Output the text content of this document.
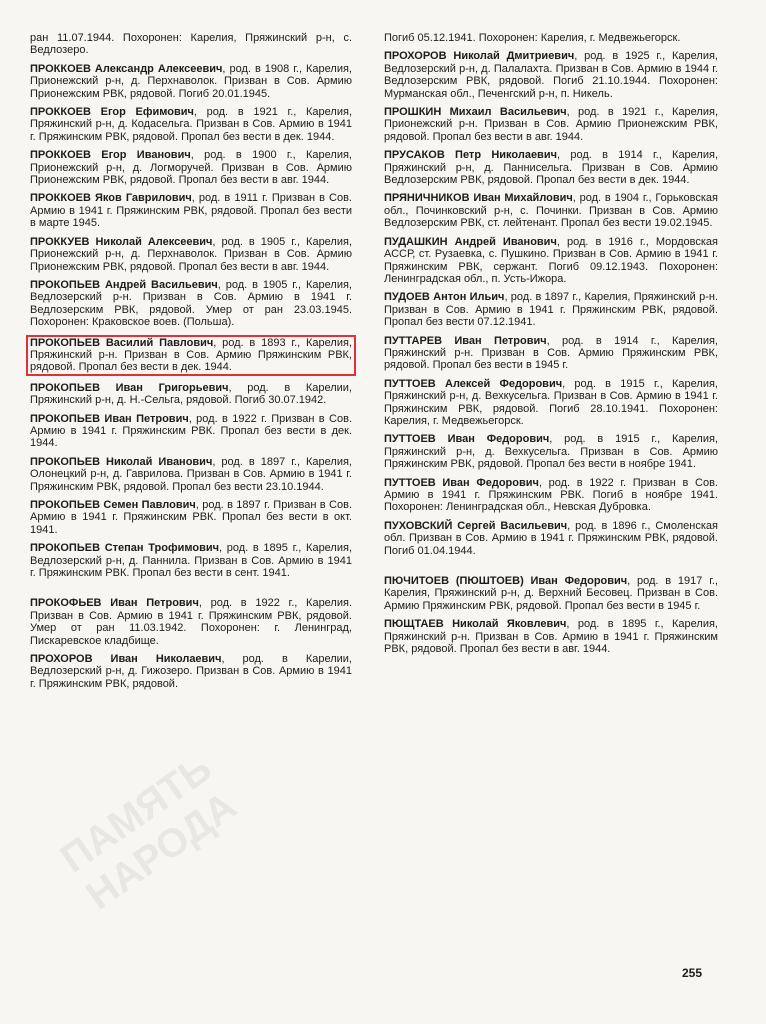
ран 11.07.1944. Похоронен: Карелия, Пряжинский р-н, с. Ведлозеро.

ПРОККОЕВ Александр Алексеевич, род. в 1908 г., Карелия, Прионежский р-н, д. Перхнаволок. Призван в Сов. Армию Прионежским РВК, рядовой. Погиб 20.01.1945.

ПРОККОЕВ Егор Ефимович, род. в 1921 г., Карелия, Пряжинский р-н, д. Кодасельга. Призван в Сов. Армию в 1941 г. Пряжинским РВК, рядовой. Пропал без вести в дек. 1944.

ПРОККОЕВ Егор Иванович, род. в 1900 г., Карелия, Прионежский р-н, д. Логморучей. Призван в Сов. Армию Прионежским РВК, рядовой. Пропал без вести в авг. 1944.

ПРОККОЕВ Яков Гаврилович, род. в 1911 г. Призван в Сов. Армию в 1941 г. Пряжинским РВК, рядовой. Пропал без вести в марте 1945.

ПРОККУЕВ Николай Алексеевич, род. в 1905 г., Карелия, Прионежский р-н, д. Перхнаволок. Призван в Сов. Армию Прионежским РВК, рядовой. Пропал без вести в авг. 1944.

ПРОКОПЬЕВ Андрей Васильевич, род. в 1905 г., Карелия, Ведлозерский р-н. Призван в Сов. Армию в 1941 г. Ведлозерским РВК, рядовой. Умер от ран 23.03.1945. Похоронен: Краковское воев. (Польша).

ПРОКОПЬЕВ Василий Павлович, род. в 1893 г., Карелия, Пряжинский р-н. Призван в Сов. Армию Пряжинским РВК, рядовой. Пропал без вести в дек. 1944.

ПРОКОПЬЕВ Иван Григорьевич, род. в Карелии, Пряжинский р-н, д. Н.-Сельга, рядовой. Погиб 30.07.1942.

ПРОКОПЬЕВ Иван Петрович, род. в 1922 г. Призван в Сов. Армию в 1941 г. Пряжинским РВК. Пропал без вести в дек. 1944.

ПРОКОПЬЕВ Николай Иванович, род. в 1897 г., Карелия, Олонецкий р-н, д. Гаврилова. Призван в Сов. Армию в 1941 г. Пряжинским РВК, рядовой. Пропал без вести 23.10.1944.

ПРОКОПЬЕВ Семен Павлович, род. в 1897 г. Призван в Сов. Армию в 1941 г. Пряжинским РВК. Пропал без вести в окт. 1941.

ПРОКОПЬЕВ Степан Трофимович, род. в 1895 г., Карелия, Ведлозерский р-н, д. Паннила. Призван в Сов. Армию в 1941 г. Пряжинским РВК. Пропал без вести в сент. 1941.

ПРОКОФЬЕВ Иван Петрович, род. в 1922 г., Карелия. Призван в Сов. Армию в 1941 г. Пряжинским РВК, рядовой. Умер от ран 11.03.1942. Похоронен: г. Ленинград, Пискаревское кладбище.

ПРОХОРОВ Иван Николаевич, род. в Карелии, Ведлозерский р-н, д. Гижозеро. Призван в Сов. Армию в 1941 г. Пряжинским РВК, рядовой.

Погиб 05.12.1941. Похоронен: Карелия, г. Медвежьегорск.

ПРОХОРОВ Николай Дмитриевич, род. в 1925 г., Карелия, Ведлозерский р-н, д. Палалахта. Призван в Сов. Армию в 1944 г. Ведлозерским РВК, рядовой. Погиб 21.10.1944. Похоронен: Мурманская обл., Печенгский р-н, п. Никель.

ПРОШКИН Михаил Васильевич, род. в 1921 г., Карелия, Прионежский р-н. Призван в Сов. Армию Прионежским РВК, рядовой. Пропал без вести в авг. 1944.

ПРУСАКОВ Петр Николаевич, род. в 1914 г., Карелия, Пряжинский р-н, д. Паннисельга. Призван в Сов. Армию Ведлозерским РВК, рядовой. Пропал без вести в дек. 1944.

ПРЯНИЧНИКОВ Иван Михайлович, род. в 1904 г., Горьковская обл., Починковский р-н, с. Починки. Призван в Сов. Армию Ведлозерским РВК, ст. лейтенант. Пропал без вести 19.02.1945.

ПУДАШКИН Андрей Иванович, род. в 1916 г., Мордовская АССР, ст. Рузаевка, с. Пушкино. Призван в Сов. Армию в 1941 г. Пряжинским РВК, сержант. Погиб 09.12.1943. Похоронен: Ленинградская обл., п. Усть-Ижора.

ПУДОЕВ Антон Ильич, род. в 1897 г., Карелия, Пряжинский р-н. Призван в Сов. Армию в 1941 г. Пряжинским РВК, рядовой. Пропал без вести 07.12.1941.

ПУТТАРЕВ Иван Петрович, род. в 1914 г., Карелия, Пряжинский р-н. Призван в Сов. Армию Пряжинским РВК, рядовой. Пропал без вести в 1945 г.

ПУТТОЕВ Алексей Федорович, род. в 1915 г., Карелия, Пряжинский р-н, д. Вехкусельга. Призван в Сов. Армию в 1941 г. Пряжинским РВК, рядовой. Погиб 28.10.1941. Похоронен: Карелия, г. Медвежьегорск.

ПУТТОЕВ Иван Федорович, род. в 1915 г., Карелия, Пряжинский р-н, д. Вехкусельга. Призван в Сов. Армию Пряжинским РВК, рядовой. Пропал без вести в ноябре 1941.

ПУТТОЕВ Иван Федорович, род. в 1922 г. Призван в Сов. Армию в 1941 г. Пряжинским РВК. Погиб в ноябре 1941. Похоронен: Ленинградская обл., Невская Дубровка.

ПУХОВСКИЙ Сергей Васильевич, род. в 1896 г., Смоленская обл. Призван в Сов. Армию в 1941 г. Пряжинским РВК, рядовой. Погиб 01.04.1944.

ПЮЧИТОЕВ (ПЮШТОЕВ) Иван Федорович, род. в 1917 г., Карелия, Пряжинский р-н, д. Верхний Бесовец. Призван в Сов. Армию Пряжинским РВК, рядовой. Пропал без вести в 1945 г.

ПЮЩТАЕВ Николай Яковлевич, род. в 1895 г., Карелия, Пряжинский р-н. Призван в Сов. Армию в 1941 г. Пряжинским РВК, рядовой. Пропал без вести в авг. 1944.

ПАМЯТЬ НАРОДА
255
